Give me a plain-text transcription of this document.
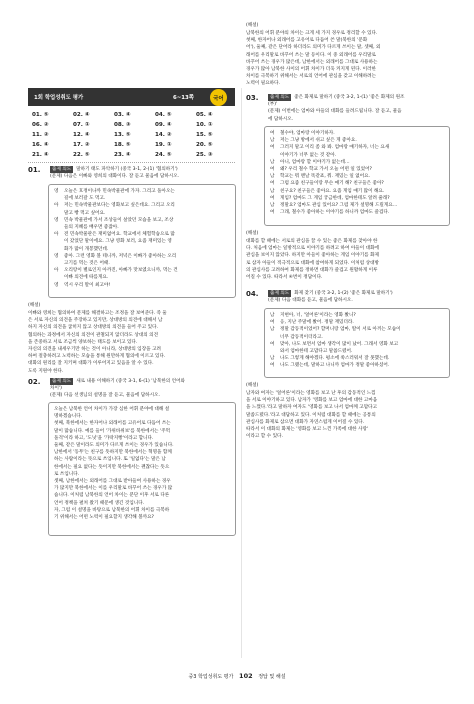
1회 학업성취도 평가	6~13쪽	국어
01. ⑤	02. ④	03. ④	04. ⑤	05. ④
06. ②	07. ①	08. ③	09. ④	10. ①
11. ②	12. ④	13. ⑤	14. ②	15. ⑤
16. ④	17. ②	18. ⑤	19. ①	20. ⑤
21. ④	22. ⑤	23. ④	24. ⑤	25. ③
01.	출제 의도 말하기 태도 파악하기 (중국 3-1, 2-(1) '협의하기')
(문제) 다음은 이빠와 영희의 대화이다. 잘 듣고 물음에 답하시오.
영	오늘은 호정이나까 민속박물관에 가자. 그리고 돌아오는
길에 보러갈 도 먹고.
아	저는 민속박물관보다는 영화보고 싶은데요. 그리고 오리
말고 빵 먹고 싶어요.
영	민속 박물관에 가서 조상들이 살았던 모습을 보고, 조상
들의 지혜를 배우면 좋잖아.
아	전 민속박물관은 재미없어요. 학교에서 체험학습으로 많
이 갔었단 말이에요. 그냥 영화 보러, 요즘 재미있는 영
화가 많이 개봉했던데.
영	좋아. 그런 영화 볼 테니까, 저녁은 이빠가 좋아하는 오리
고기를 먹는 것은 어때.
아	오리랑이 별로인지 아까진, 아빠가 맛보였으니까, 먹는 건
이빠 의견에 따를게요.
영	역시 우리 딸이 최고야!
(해설)
이빠와 영희는 협의하여 문제를 해결하고는 조정을 잘 보여준다. 즉 둘
은 서로 자신의 의견을 주장하고 있지만, 상대방의 의견에 대해서 남
하지 자신의 의견을 굽히지 않고 상대방의 의견을 들어 주고 있다.
협의하는 과정에서 자신의 의견이 관철되지 않더라도 상대의 의견
을 존중하고 서로 조금씩 양보하는 태도를 보이고 있다.
자신의 의견을 내세우기만 하는 것이 아니라, 상대방의 입장을 고려
하여 절충하려고 노력하는 모습을 통해 원만하게 협의에 이르고 있다.
대화의 원리를 잘 지키며 대화가 이루어지고 있음을 알 수 있다.
도록 지원야 한다.
02.	출제 의도 새로 내용 이해하기 (중국 3-1, 6-(1) '남북한의 언어와
차이')
(문제) 다음 선생님의 설명을 잘 듣고, 물음에 답하시오.
오늘은 남북한 언어 차이가 가장 심한 어휘 분야에 대해 설
명하겠습니다.
첫째, 북한에서는 한자어나 외래어를 고유어로 다듬어 쓰는
말이 많습니다. 예를 들어 '가위바위보'를 북한에서는 '주먹
돌격'이라 하고, '도넛'을 '가락지빵'이라고 합니다.
둘째, 같은 말이라도 의미가 다르게 쓰이는 경우가 있습니다.
남한에서 '동무'는 친구를 뜻하지만 북한에서는 혁명을 함께
하는 사람이라는 뜻으로 쓰입니다. 또 '일없다'는 말은 남
한에서는 필요 없다는 뜻이지만 북한에서는 괜찮다는 뜻으
로 쓰입니다.
셋째, 남한에서는 외래어를 그대로 받아들여 사용하는 경우
가 많지만 북한에서는 이를 우리말로 바꾸어 쓰는 경우가 많
습니다. 이처럼 남북한의 언어 차이는 분단 이후 서로 다른
언어 정책을 펼쳐 왔기 때문에 생긴 것입니다.
자, 그럼 이 설명을 바탕으로 남북한의 어휘 차이를 극복하
기 위해서는 어떤 노력이 필요할지 생각해 볼까요?
(해설)
남북한의 어휘 분야의 차이는 크게 세 가지 경우로 정리할 수 있다.
첫째, 한자어나 외래어를 고유어로 다듬어 쓴 말(북한의 '문화
어'), 둘째, 같은 단어라 하더라도 의미가 다르게 쓰이는 말, 셋째, 외
래어를 우리말로 바꾸어 쓰는 말 등이다. 이 중 외래어를 우리말로
바꾸어 쓰는 경우가 많은데, 남한에서는 외래어를 그대로 사용하는
경우가 많아 남북한 사이의 어휘 차이가 더욱 커지게 된다. 이러한
차이를 극복하기 위해서는 서로의 언어에 관심을 갖고 이해하려는
노력이 필요하다.
03.	출제 의도 좋은 화제로 말하기 (중국 3-2, 1-(1) '좋은 화제의 원조
(부)'
(문제) 이번에는 엄마와 아들의 대화를 들려드립니다. 잘 듣고, 물음
에 답하시오.
여	철수야, 엄마랑 이야기하자.
남	저는 그냥 방에서 쉬고 싶은 게 좋아요.
여	그러지 말고 이리 좀 와 봐. 엄마랑 얘기하자, 너는 요새
이야기가 너무 없는 것 같아.
남	아니, 엄마랑 할 이야기가 없는데…
여	왜? 우리 철수 학교 가서 오늘 어떤 일 있었어?
남	학교는 뭐 맨날 똑같죠, 뭐. 재밌는 일 없어요.
여	그럼 요즘 친구들이랑 무슨 얘기 해? 친구들은 좋아?
남	친구요? 친구들은 좋아요. 요즘 게임 얘기 많이 해요.
여	게임? 엄마도 그 게임 궁금한데, 엄마한테도 알려 줄래?
남	정말요? 엄마도 관심 있어요? 그럼 제가 설명해 드릴게요…
여	그래, 철수가 좋아하는 이야기를 하니까 엄마도 즐겁다.
(해설)
대화를 할 때에는 서로의 관심을 끌 수 있는 좋은 화제를 찾아야 한
다. 처음에 엄마는 일방적으로 이야기를 하려고 하여 아들이 대화에
관심을 보이지 않았다. 하지만 아들이 좋아하는 게임 이야기를 화제
로 삼자 아들이 적극적으로 대화에 참여하게 되었다. 이처럼 상대방
의 관심사를 고려하여 화제를 정하면 대화가 즐겁고 원활하게 이루
어질 수 있다. 따라서 ④번이 정답이다.
04.	출제 의도 화제 찾기 (중국 3-2, 1-(2) '좋은 화제로 말하기')
(문제) 다음 대화를 듣고, 물음에 답하시오.
남	지현아, 너, '얼어른'이라는 영화 봤니?
여	응, 지난 주말에 봤어. 정말 재밌더라.
남	정말 감동적이었어? 할머니랑 엄마, 딸이 서로 아끼는 모습이
너무 감동적이더라고.
여	맞아, 나도 보면서 엄마 생각이 많이 났어. 그래서 영화 보고
와서 엄마한테 고맙다고 말씀드렸어.
남	나도 그렇게 해야겠다. 평소에 쑥스러워서 잘 못했는데.
여	나도 그랬는데, 말하고 나니까 엄마가 정말 좋아하셨어.
(해설)
남자와 여자는 '얼어른'이라는 영화를 보고 난 후의 감동적인 느낌
을 서로 이야기하고 있다. 남자가 '영화를 보고 엄마에 대한 고마움
을 느꼈다.'라고 말하자 여자도 '영화를 보고 나서 엄마께 고맙다고
말씀드렸다.'라고 대답하고 있다. 이처럼 대화를 할 때에는 공통의
관심사를 화제로 삼으면 대화가 자연스럽게 이어질 수 있다.
따라서 이 대화의 화제는 '영화를 보고 느낀 가족에 대한 사랑'
이라고 할 수 있다.
중3 학업성취도 평가 102 정답 및 해설
